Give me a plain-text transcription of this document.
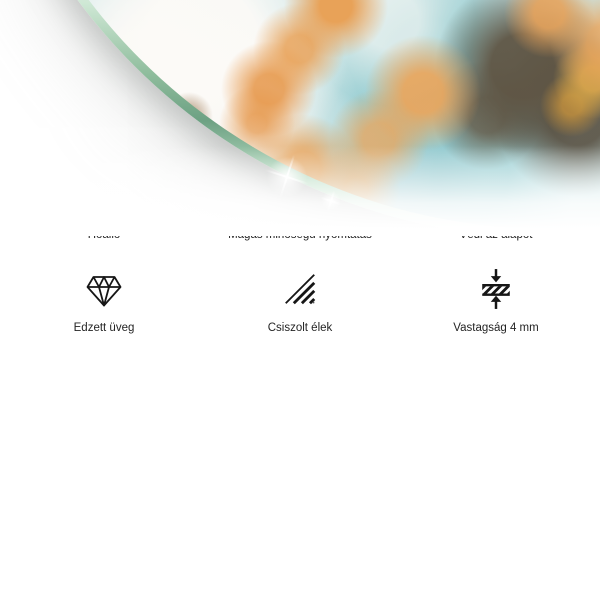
Edzett üveg	Csiszolt élek	Vastagság 4 mm
